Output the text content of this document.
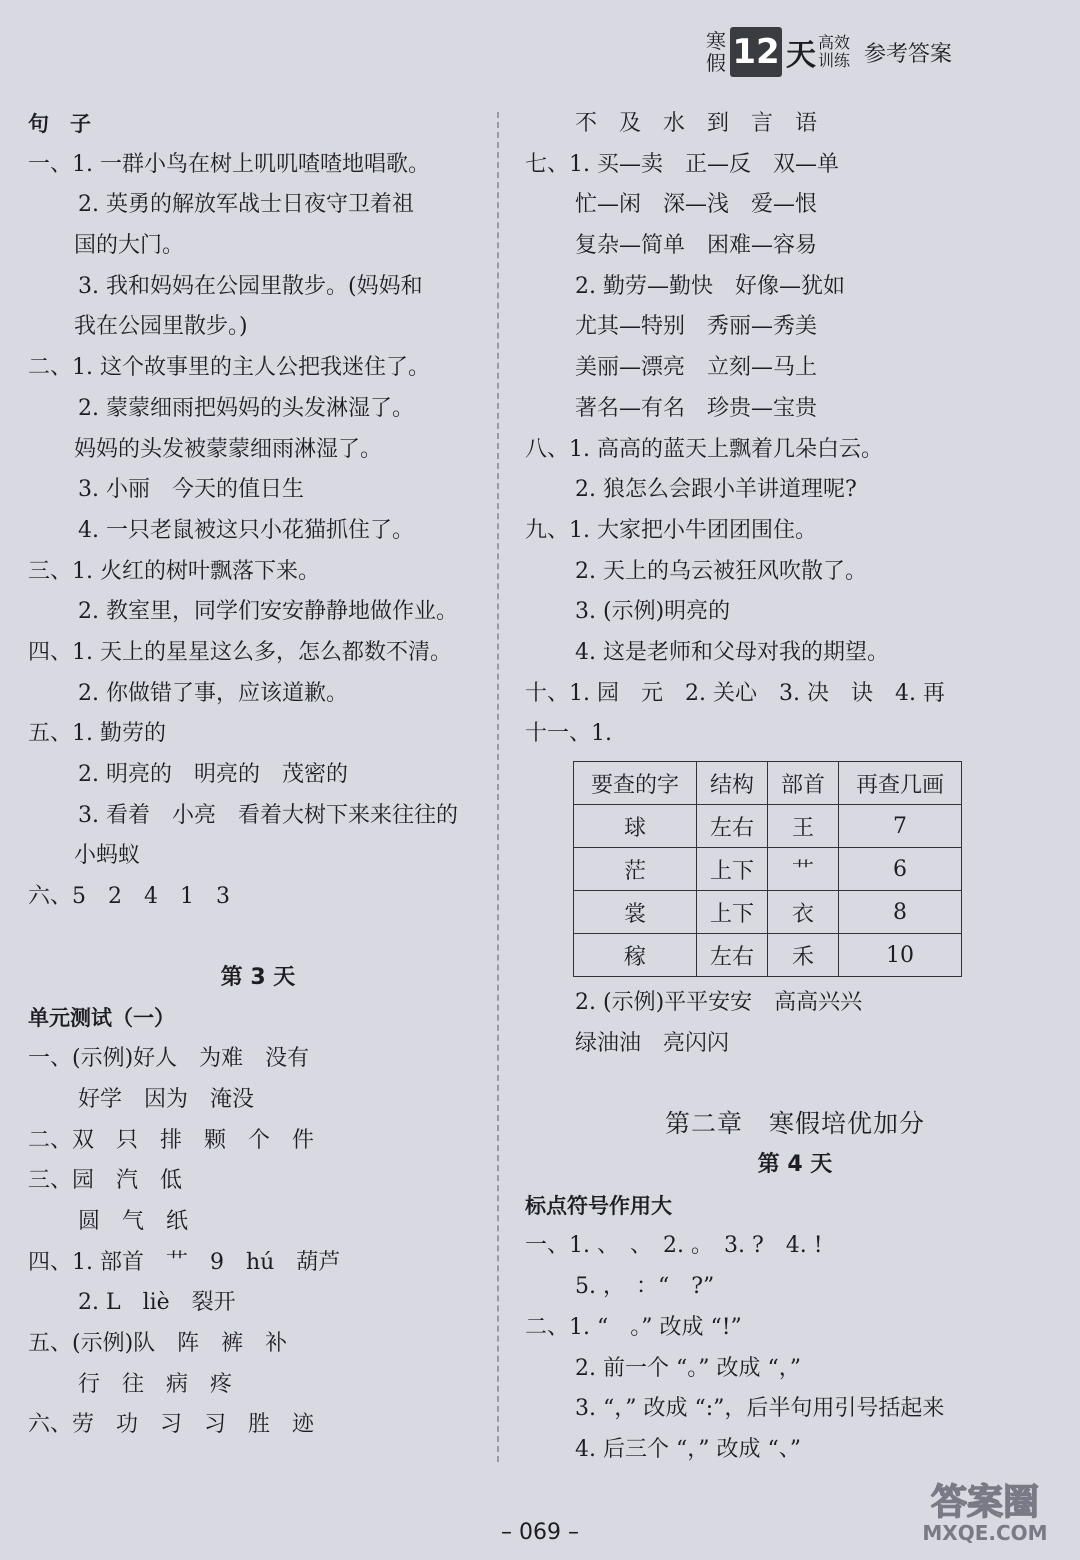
寒
假 12 天 高效
训练 参考答案
句　子
一、1. 一群小鸟在树上叽叽喳喳地唱歌。
2. 英勇的解放军战士日夜守卫着祖
国的大门。
3. 我和妈妈在公园里散步。(妈妈和
我在公园里散步。)
二、1. 这个故事里的主人公把我迷住了。
2. 蒙蒙细雨把妈妈的头发淋湿了。
妈妈的头发被蒙蒙细雨淋湿了。
3. 小丽　今天的值日生
4. 一只老鼠被这只小花猫抓住了。
三、1. 火红的树叶飘落下来。
2. 教室里，同学们安安静静地做作业。
四、1. 天上的星星这么多，怎么都数不清。
2. 你做错了事，应该道歉。
五、1. 勤劳的
2. 明亮的　明亮的　茂密的
3. 看着　小亮　看着大树下来来往往的
小蚂蚁
六、5　2　4　1　3
第 3 天
单元测试（一）
一、(示例)好人　为难　没有
好学　因为　淹没
二、双　只　排　颗　个　件
三、园　汽　低
圆　气　纸
四、1. 部首　艹　9　hú　葫芦
2. L　liè　裂开
五、(示例)队　阵　裤　补
行　往　病　疼
六、劳　功　习　习　胜　迹
不　及　水　到　言　语
七、1. 买—卖　正—反　双—单
忙—闲　深—浅　爱—恨
复杂—简单　困难—容易
2. 勤劳—勤快　好像—犹如
尤其—特别　秀丽—秀美
美丽—漂亮　立刻—马上
著名—有名　珍贵—宝贵
八、1. 高高的蓝天上飘着几朵白云。
2. 狼怎么会跟小羊讲道理呢?
九、1. 大家把小牛团团围住。
2. 天上的乌云被狂风吹散了。
3. (示例)明亮的
4. 这是老师和父母对我的期望。
十、1. 园　元　2. 关心　3. 决　诀　4. 再
十一、1.
要查的字	结构	部首	再查几画
球	左右	王	7
茫	上下	艹	6
裳	上下	衣	8
稼	左右	禾	10
2. (示例)平平安安　高高兴兴
绿油油　亮闪闪
第二章　寒假培优加分
第 4 天
标点符号作用大
一、1. 、　、　2. 。　3. ?　4. !
5. ，　：“　?”
二、1. “　。” 改成 “!”
2. 前一个 “。” 改成 “，”
3. “，” 改成 “:”，后半句用引号括起来
4. 后三个 “，” 改成 “、”
– 069 –
答案圈
MXQE.COM
